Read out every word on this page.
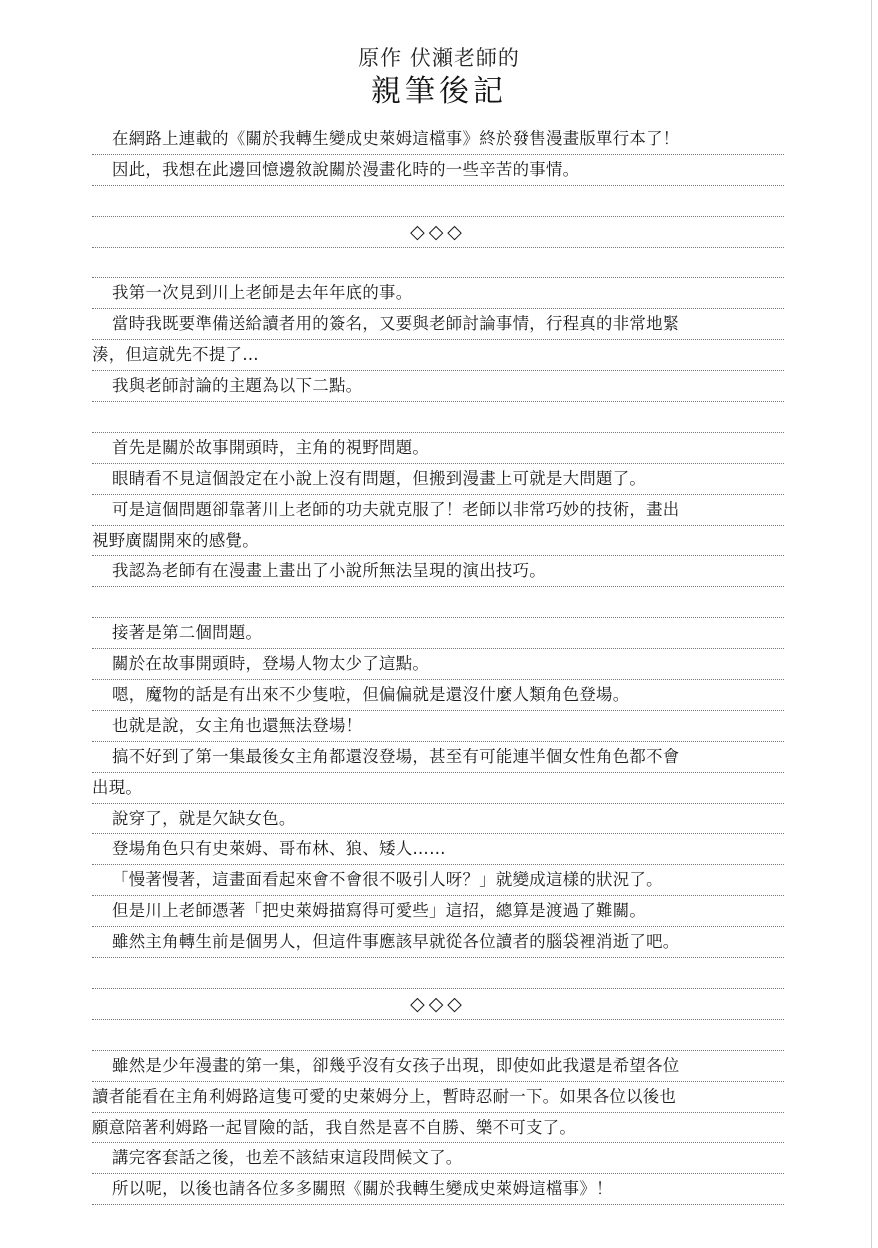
原作 伏瀬老師的
親筆後記
在網路上連載的《關於我轉生變成史萊姆這檔事》終於發售漫畫版單行本了！
因此，我想在此邊回憶邊敘說關於漫畫化時的一些辛苦的事情。
◇◇◇
我第一次見到川上老師是去年年底的事。
當時我既要準備送給讀者用的簽名，又要與老師討論事情，行程真的非常地緊
湊，但這就先不提了…
我與老師討論的主題為以下二點。
首先是關於故事開頭時，主角的視野問題。
眼睛看不見這個設定在小說上沒有問題，但搬到漫畫上可就是大問題了。
可是這個問題卻靠著川上老師的功夫就克服了！老師以非常巧妙的技術，畫出
視野廣闊開來的感覺。
我認為老師有在漫畫上畫出了小說所無法呈現的演出技巧。
接著是第二個問題。
關於在故事開頭時，登場人物太少了這點。
嗯，魔物的話是有出來不少隻啦，但偏偏就是還沒什麼人類角色登場。
也就是說，女主角也還無法登場！
搞不好到了第一集最後女主角都還沒登場，甚至有可能連半個女性角色都不會
出現。
說穿了，就是欠缺女色。
登場角色只有史萊姆、哥布林、狼、矮人……
「慢著慢著，這畫面看起來會不會很不吸引人呀？」就變成這樣的狀況了。
但是川上老師憑著「把史萊姆描寫得可愛些」這招，總算是渡過了難關。
雖然主角轉生前是個男人，但這件事應該早就從各位讀者的腦袋裡消逝了吧。
◇◇◇
雖然是少年漫畫的第一集，卻幾乎沒有女孩子出現，即使如此我還是希望各位
讀者能看在主角利姆路這隻可愛的史萊姆分上，暫時忍耐一下。如果各位以後也
願意陪著利姆路一起冒險的話，我自然是喜不自勝、樂不可支了。
講完客套話之後，也差不該結束這段問候文了。
所以呢，以後也請各位多多關照《關於我轉生變成史萊姆這檔事》！
